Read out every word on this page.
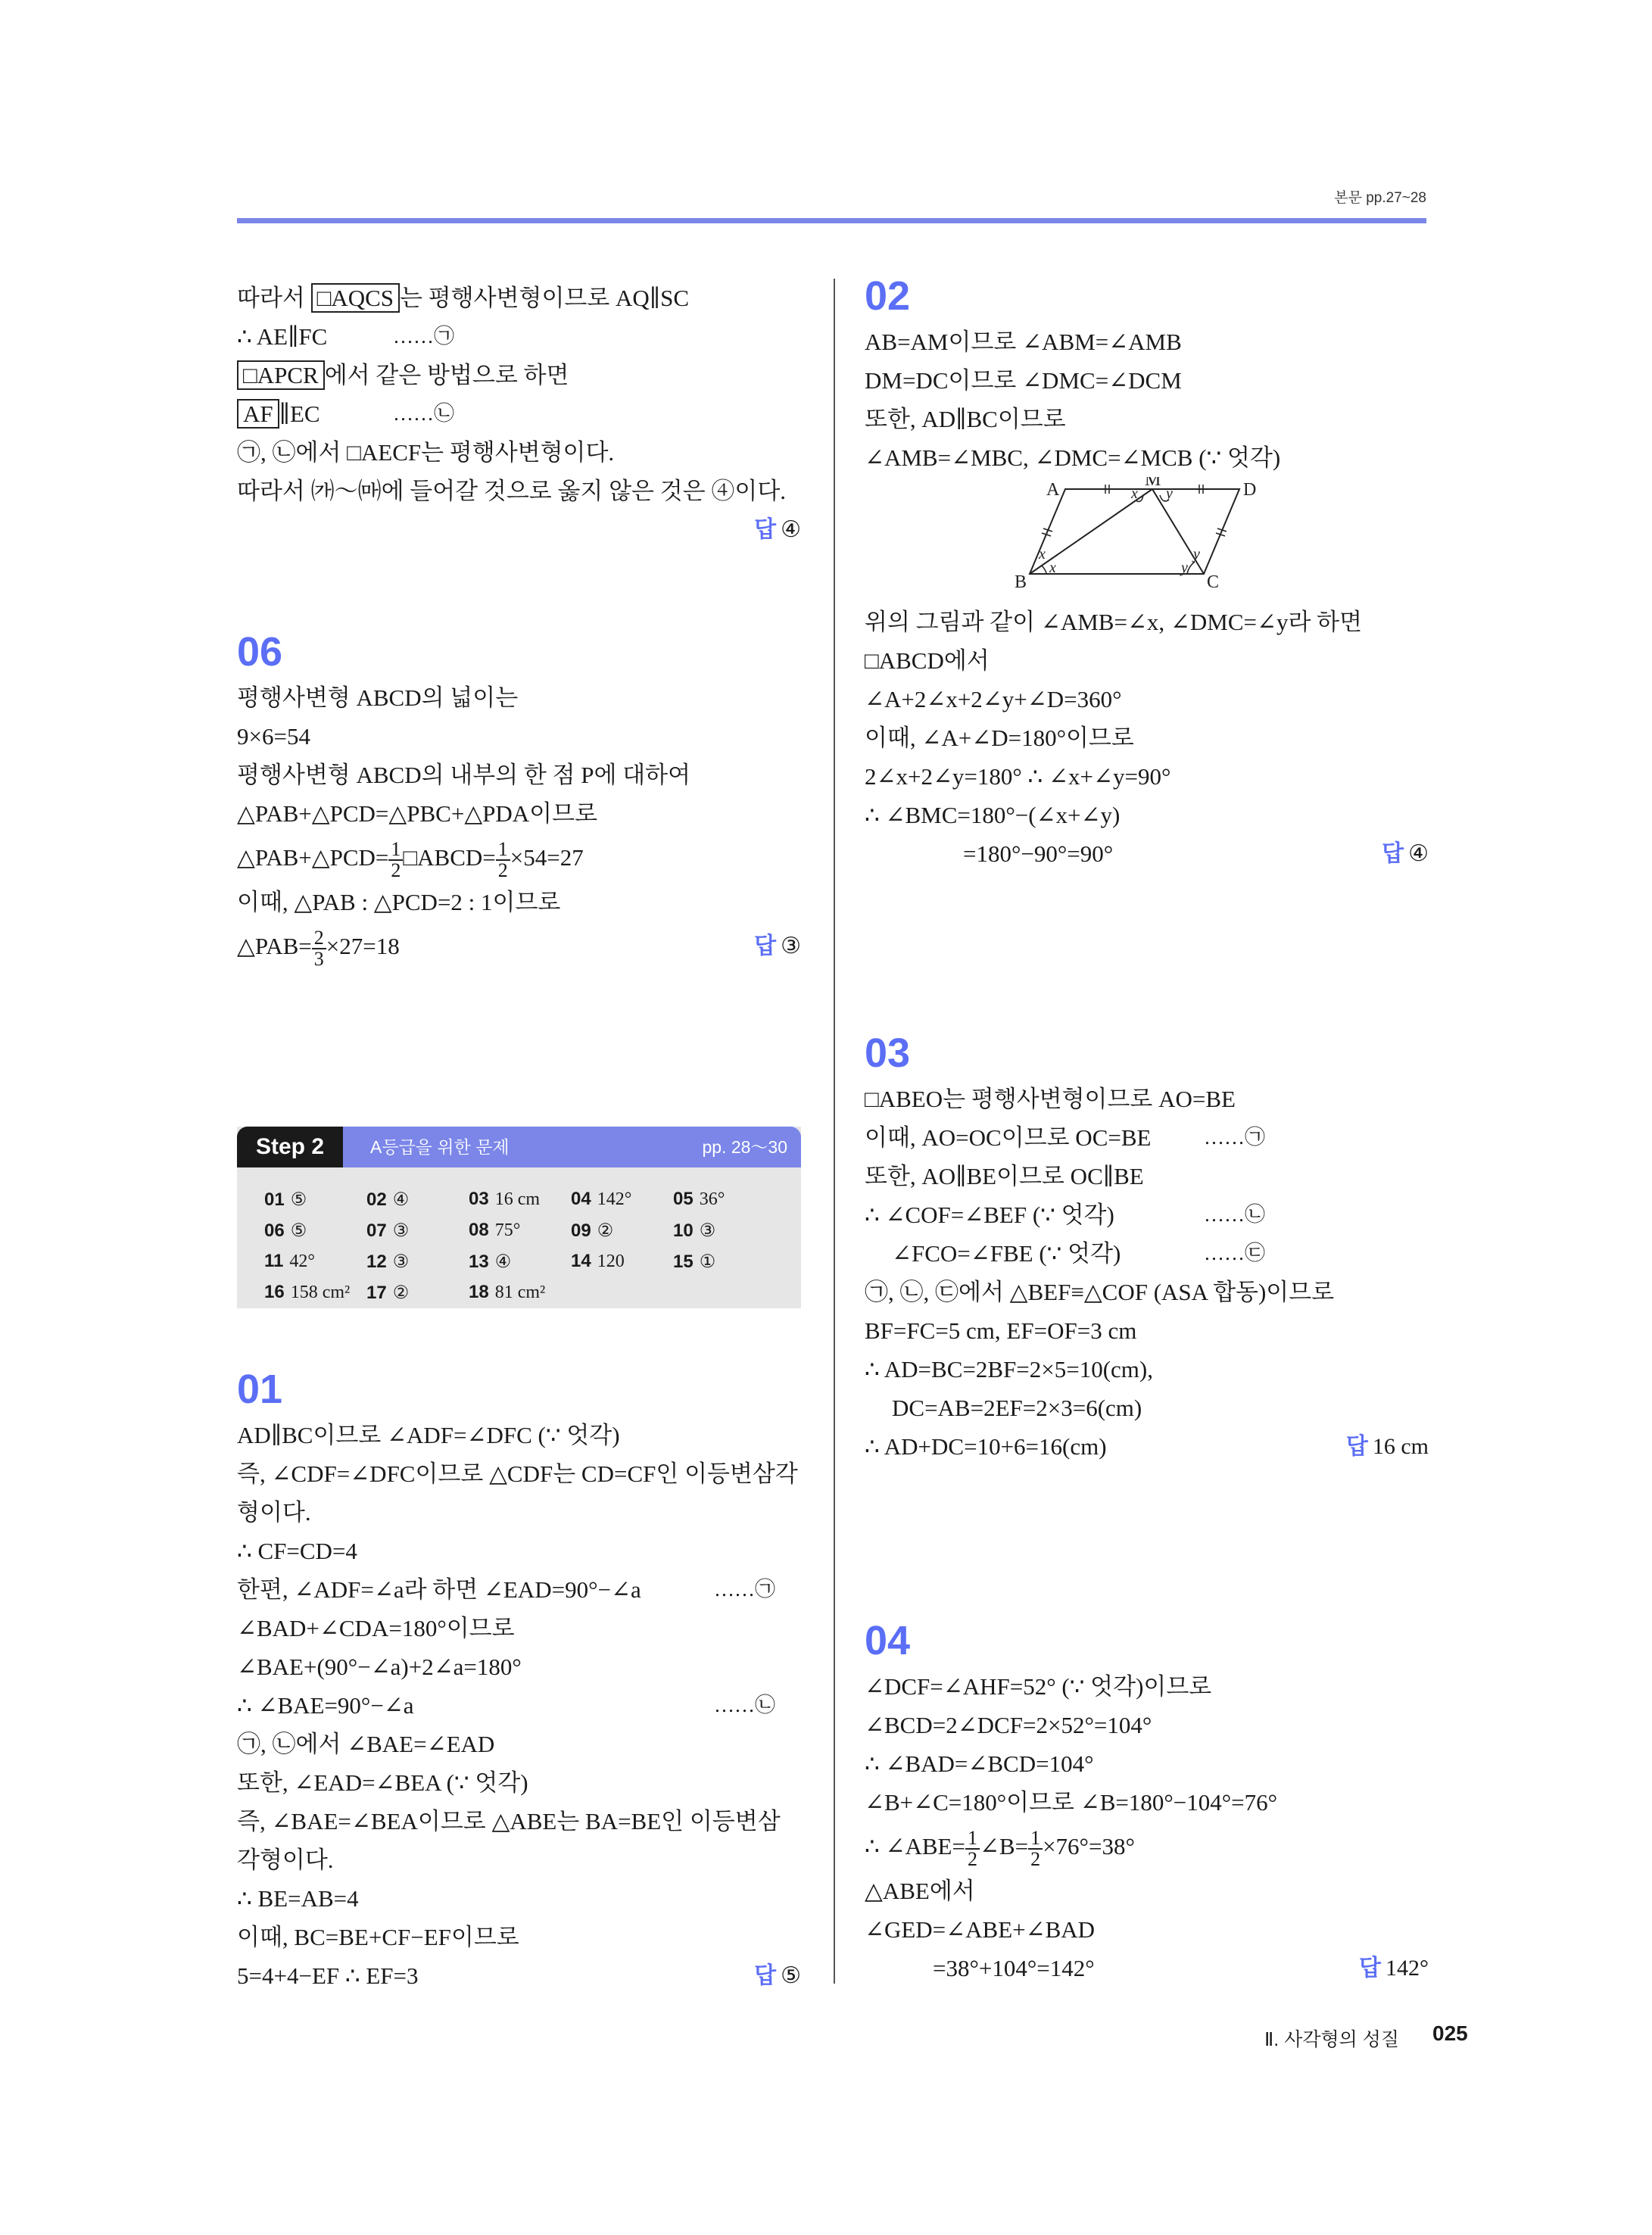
본문 pp.27~28
따라서 □AQCS 는 평행사변형이므로 AQ∥SC
∴ AE∥FC	……㉠
□APCR 에서 같은 방법으로 하면
AF ∥EC	……㉡
㉠, ㉡에서 □AECF는 평행사변형이다.
따라서 ㈎～㈒에 들어갈 것으로 옳지 않은 것은 ④이다.
답 ④
06
평행사변형 ABCD의 넓이는
9×6=54
평행사변형 ABCD의 내부의 한 점 P에 대하여
△PAB+△PCD=△PBC+△PDA이므로
△PAB+△PCD= $\frac{1}{2}$ □ABCD= $\frac{1}{2} \times 54=27$
이때, △PAB : △PCD=2 : 1이므로
△PAB= $\frac{2}{3} \times 27=18$	답 ③
Step 2	A등급을 위한 문제	pp. 28～30
01 ⑤	02 ④	03 16 cm 04 142° 05 36°
06 ⑤	07 ③	08 75°	09 ②	10 ③
11 42°	12 ③	13 ④	14 120	15 ①
16 158 cm² 17 ②	18 81 cm²
01
AD∥BC이므로 ∠ADF=∠DFC (∵ 엇각)
즉, ∠CDF=∠DFC이므로 △CDF는 CD=CF인 이등변삼각
형이다.
∴ CF=CD=4
한편, ∠ADF=∠a라 하면 ∠EAD=90°−∠a	……㉠
∠BAD+∠CDA=180°이므로
∠BAE+(90°−∠a)+2∠a=180°
∴ ∠BAE=90°−∠a	……㉡
㉠, ㉡에서 ∠BAE=∠EAD
또한, ∠EAD=∠BEA (∵ 엇각)
즉, ∠BAE=∠BEA이므로 △ABE는 BA=BE인 이등변삼
각형이다.
∴ BE=AB=4
이때, BC=BE+CF−EF이므로
5=4+4−EF ∴ EF=3	답 ⑤
02
AB=AM이므로 ∠ABM=∠AMB
DM=DC이므로 ∠DMC=∠DCM
또한, AD∥BC이므로
∠AMB=∠MBC, ∠DMC=∠MCB (∵ 엇각)
A	M	D
B	C
x y
x
x
y
y
위의 그림과 같이 ∠AMB=∠x, ∠DMC=∠y라 하면
□ABCD에서
∠A+2∠x+2∠y+∠D=360°
이때, ∠A+∠D=180°이므로
2∠x+2∠y=180° ∴ ∠x+∠y=90°
∴ ∠BMC=180°−(∠x+∠y)
=180°−90°=90°	답 ④
03
□ABEO는 평행사변형이므로 AO=BE
이때, AO=OC이므로 OC=BE	……㉠
또한, AO∥BE이므로 OC∥BE
∴ ∠COF=∠BEF (∵ 엇각)	……㉡
∠FCO=∠FBE (∵ 엇각)	……㉢
㉠, ㉡, ㉢에서 △BEF≡△COF (ASA 합동)이므로
BF=FC=5 cm, EF=OF=3 cm
∴ AD=BC=2BF=2×5=10(cm),
DC=AB=2EF=2×3=6(cm)
∴ AD+DC=10+6=16(cm)	답 16 cm
04
∠DCF=∠AHF=52° (∵ 엇각)이므로
∠BCD=2∠DCF=2×52°=104°
∴ ∠BAD=∠BCD=104°
∠B+∠C=180°이므로 ∠B=180°−104°=76°
∴ ∠ABE= $\frac{1}{2}$ ∠B= $\frac{1}{2} \times 76^\circ=38^\circ$
△ABE에서
∠GED=∠ABE+∠BAD
=38°+104°=142°	답 142°
Ⅱ. 사각형의 성질 025
